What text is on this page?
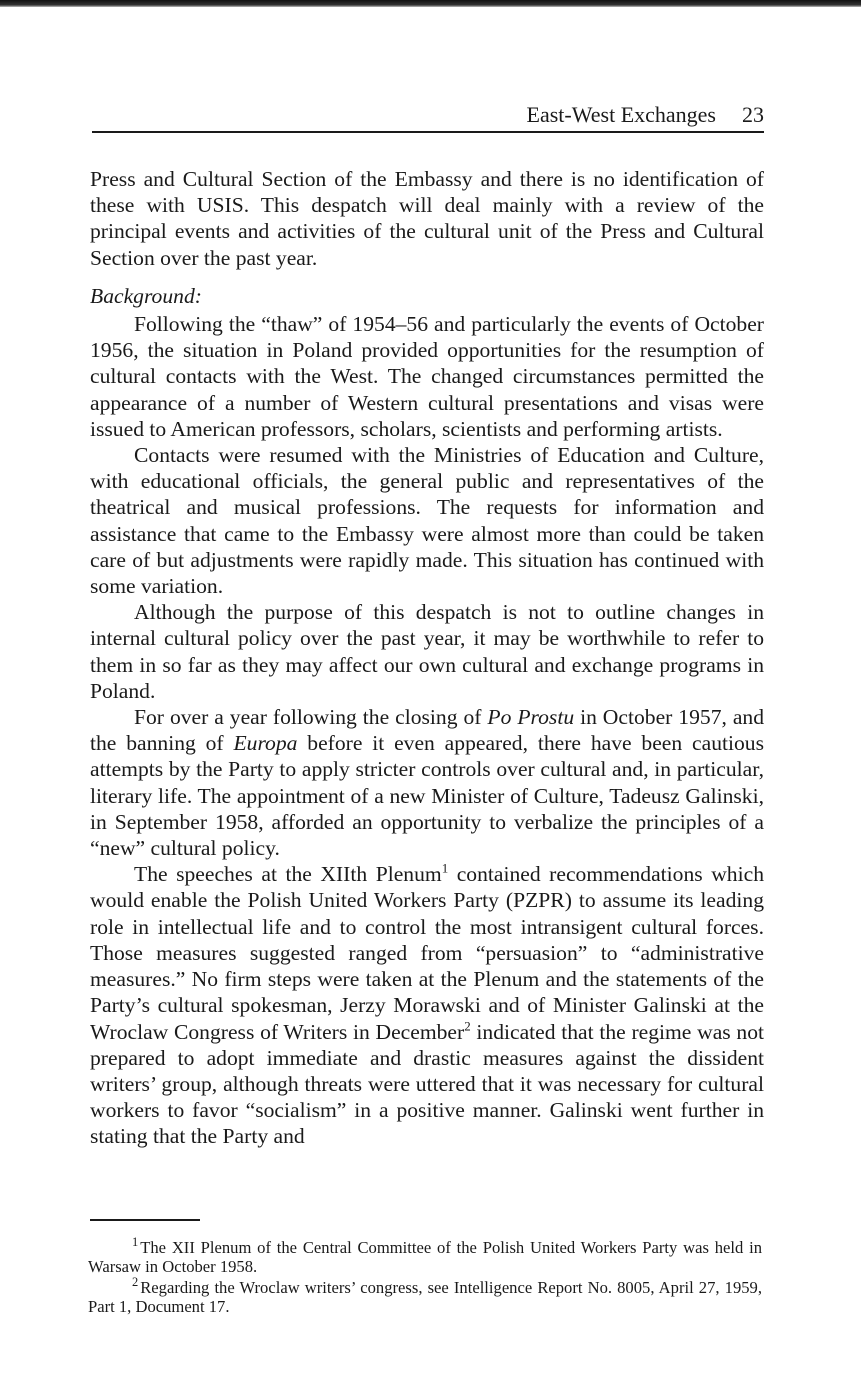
East-West Exchanges 23

Press and Cultural Section of the Embassy and there is no identification of these with USIS. This despatch will deal mainly with a review of the principal events and activities of the cultural unit of the Press and Cultural Section over the past year.

Background:

Following the “thaw” of 1954–56 and particularly the events of October 1956, the situation in Poland provided opportunities for the resumption of cultural contacts with the West. The changed circumstances permitted the appearance of a number of Western cultural presentations and visas were issued to American professors, scholars, scientists and performing artists.

Contacts were resumed with the Ministries of Education and Culture, with educational officials, the general public and representatives of the theatrical and musical professions. The requests for information and assistance that came to the Embassy were almost more than could be taken care of but adjustments were rapidly made. This situation has continued with some variation.

Although the purpose of this despatch is not to outline changes in internal cultural policy over the past year, it may be worthwhile to refer to them in so far as they may affect our own cultural and exchange programs in Poland.

For over a year following the closing of Po Prostu in October 1957, and the banning of Europa before it even appeared, there have been cautious attempts by the Party to apply stricter controls over cultural and, in particular, literary life. The appointment of a new Minister of Culture, Tadeusz Galinski, in September 1958, afforded an opportunity to verbalize the principles of a “new” cultural policy.

The speeches at the XIIth Plenum$^1$ contained recommendations which would enable the Polish United Workers Party (PZPR) to assume its leading role in intellectual life and to control the most intransigent cultural forces. Those measures suggested ranged from “persuasion” to “administrative measures.” No firm steps were taken at the Plenum and the statements of the Party’s cultural spokesman, Jerzy Morawski and of Minister Galinski at the Wroclaw Congress of Writers in December$^2$ indicated that the regime was not prepared to adopt immediate and drastic measures against the dissident writers’ group, although threats were uttered that it was necessary for cultural workers to favor “socialism” in a positive manner. Galinski went further in stating that the Party and

$^1$ The XII Plenum of the Central Committee of the Polish United Workers Party was held in Warsaw in October 1958.

$^2$ Regarding the Wroclaw writers’ congress, see Intelligence Report No. 8005, April 27, 1959, Part 1, Document 17.
